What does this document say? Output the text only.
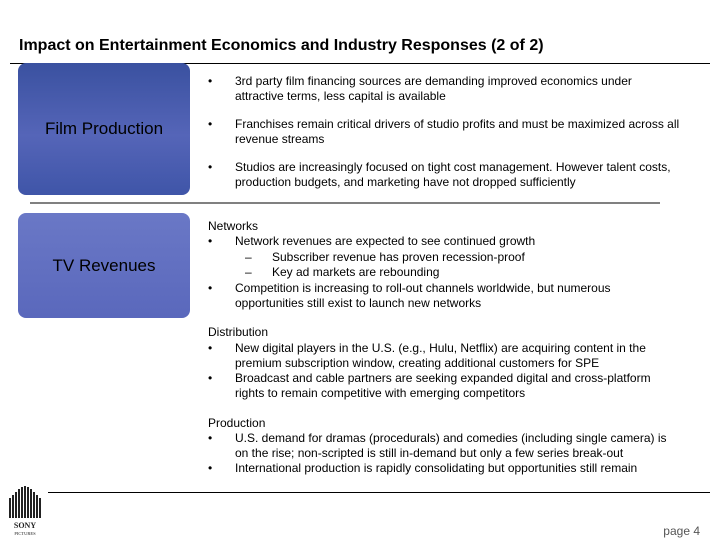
Impact on Entertainment Economics and Industry Responses (2 of 2)
Film Production
• 3rd party film financing sources are demanding improved economics under attractive terms, less capital is available
• Franchises remain critical drivers of studio profits and must be maximized across all revenue streams
• Studios are increasingly focused on tight cost management. However talent costs, production budgets, and marketing have not dropped sufficiently
TV Revenues
Networks
• Network revenues are expected to see continued growth
– Subscriber revenue has proven recession-proof
– Key ad markets are rebounding
• Competition is increasing to roll-out channels worldwide, but numerous opportunities still exist to launch new networks
Distribution
• New digital players in the U.S. (e.g., Hulu, Netflix) are acquiring content in the premium subscription window, creating additional customers for SPE
• Broadcast and cable partners are seeking expanded digital and cross-platform rights to remain competitive with emerging competitors
Production
• U.S. demand for dramas (procedurals) and comedies (including single camera) is on the rise; non-scripted is still in-demand but only a few series break-out
• International production is rapidly consolidating but opportunities still remain
SONY
PICTURES	page 4
